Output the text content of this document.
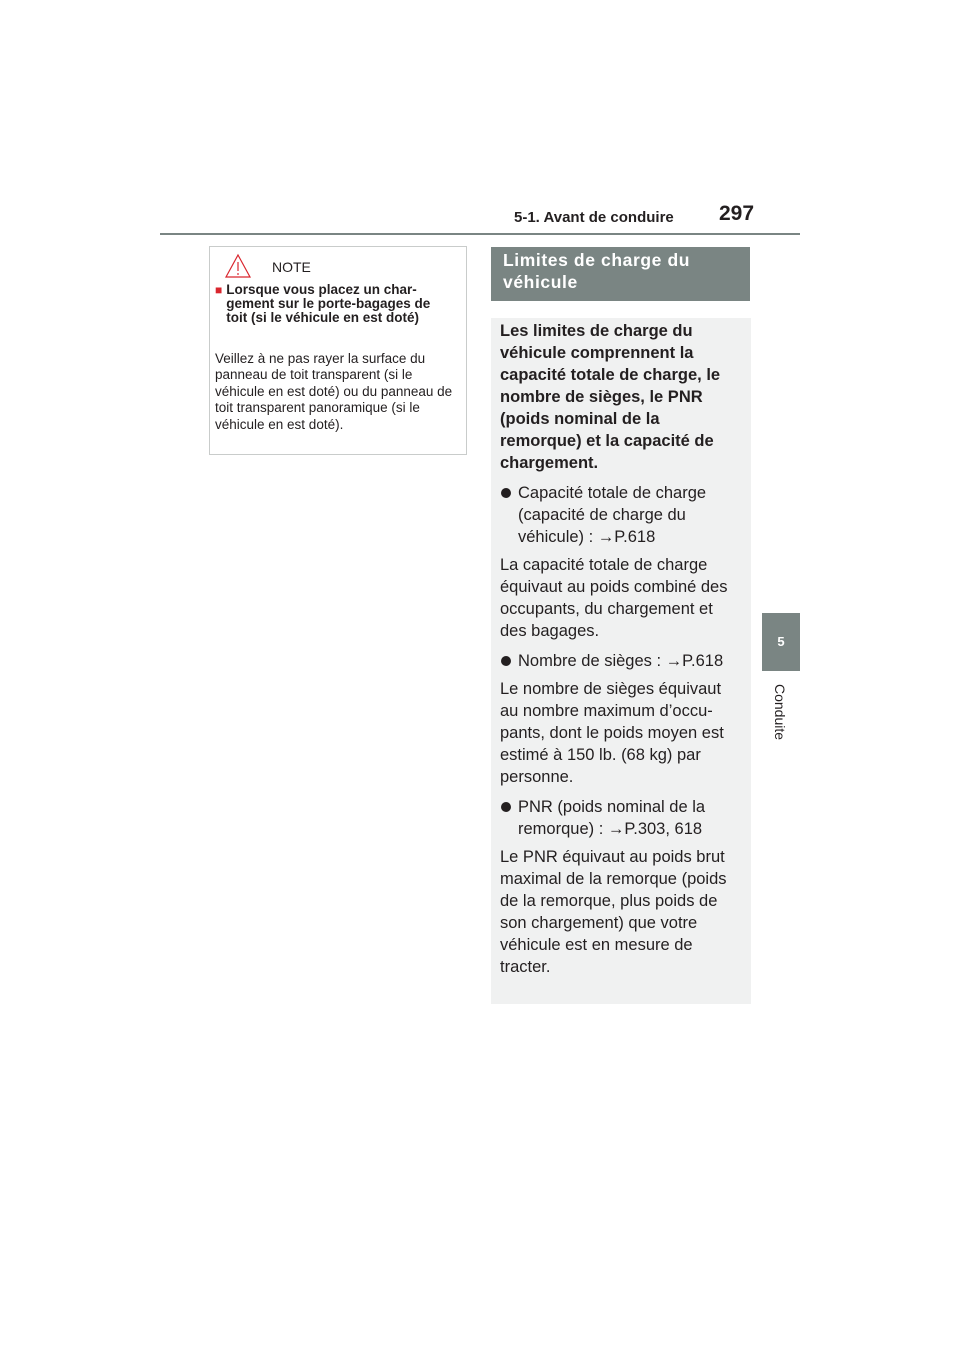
5-1. Avant de conduire 297
5
Conduite
NOTE
■ Lorsque vous placez un chargement sur le porte-bagages de toit (si le véhicule en est doté)
Veillez à ne pas rayer la surface du panneau de toit transparent (si le véhicule en est doté) ou du panneau de toit transparent panoramique (si le véhicule en est doté).
Limites de charge du véhicule

Les limites de charge du véhicule comprennent la capacité totale de charge, le nombre de sièges, le PNR (poids nominal de la remorque) et la capacité de chargement.

Capacité totale de charge (capacité de charge du véhicule) : →P.618

La capacité totale de charge équivaut au poids combiné des occupants, du chargement et des bagages.

Nombre de sièges : →P.618

Le nombre de sièges équivaut au nombre maximum d’occupants, dont le poids moyen est estimé à 150 lb. (68 kg) par personne.

PNR (poids nominal de la remorque) : →P.303, 618

Le PNR équivaut au poids brut maximal de la remorque (poids de la remorque, plus poids de son chargement) que votre véhicule est en mesure de tracter.
